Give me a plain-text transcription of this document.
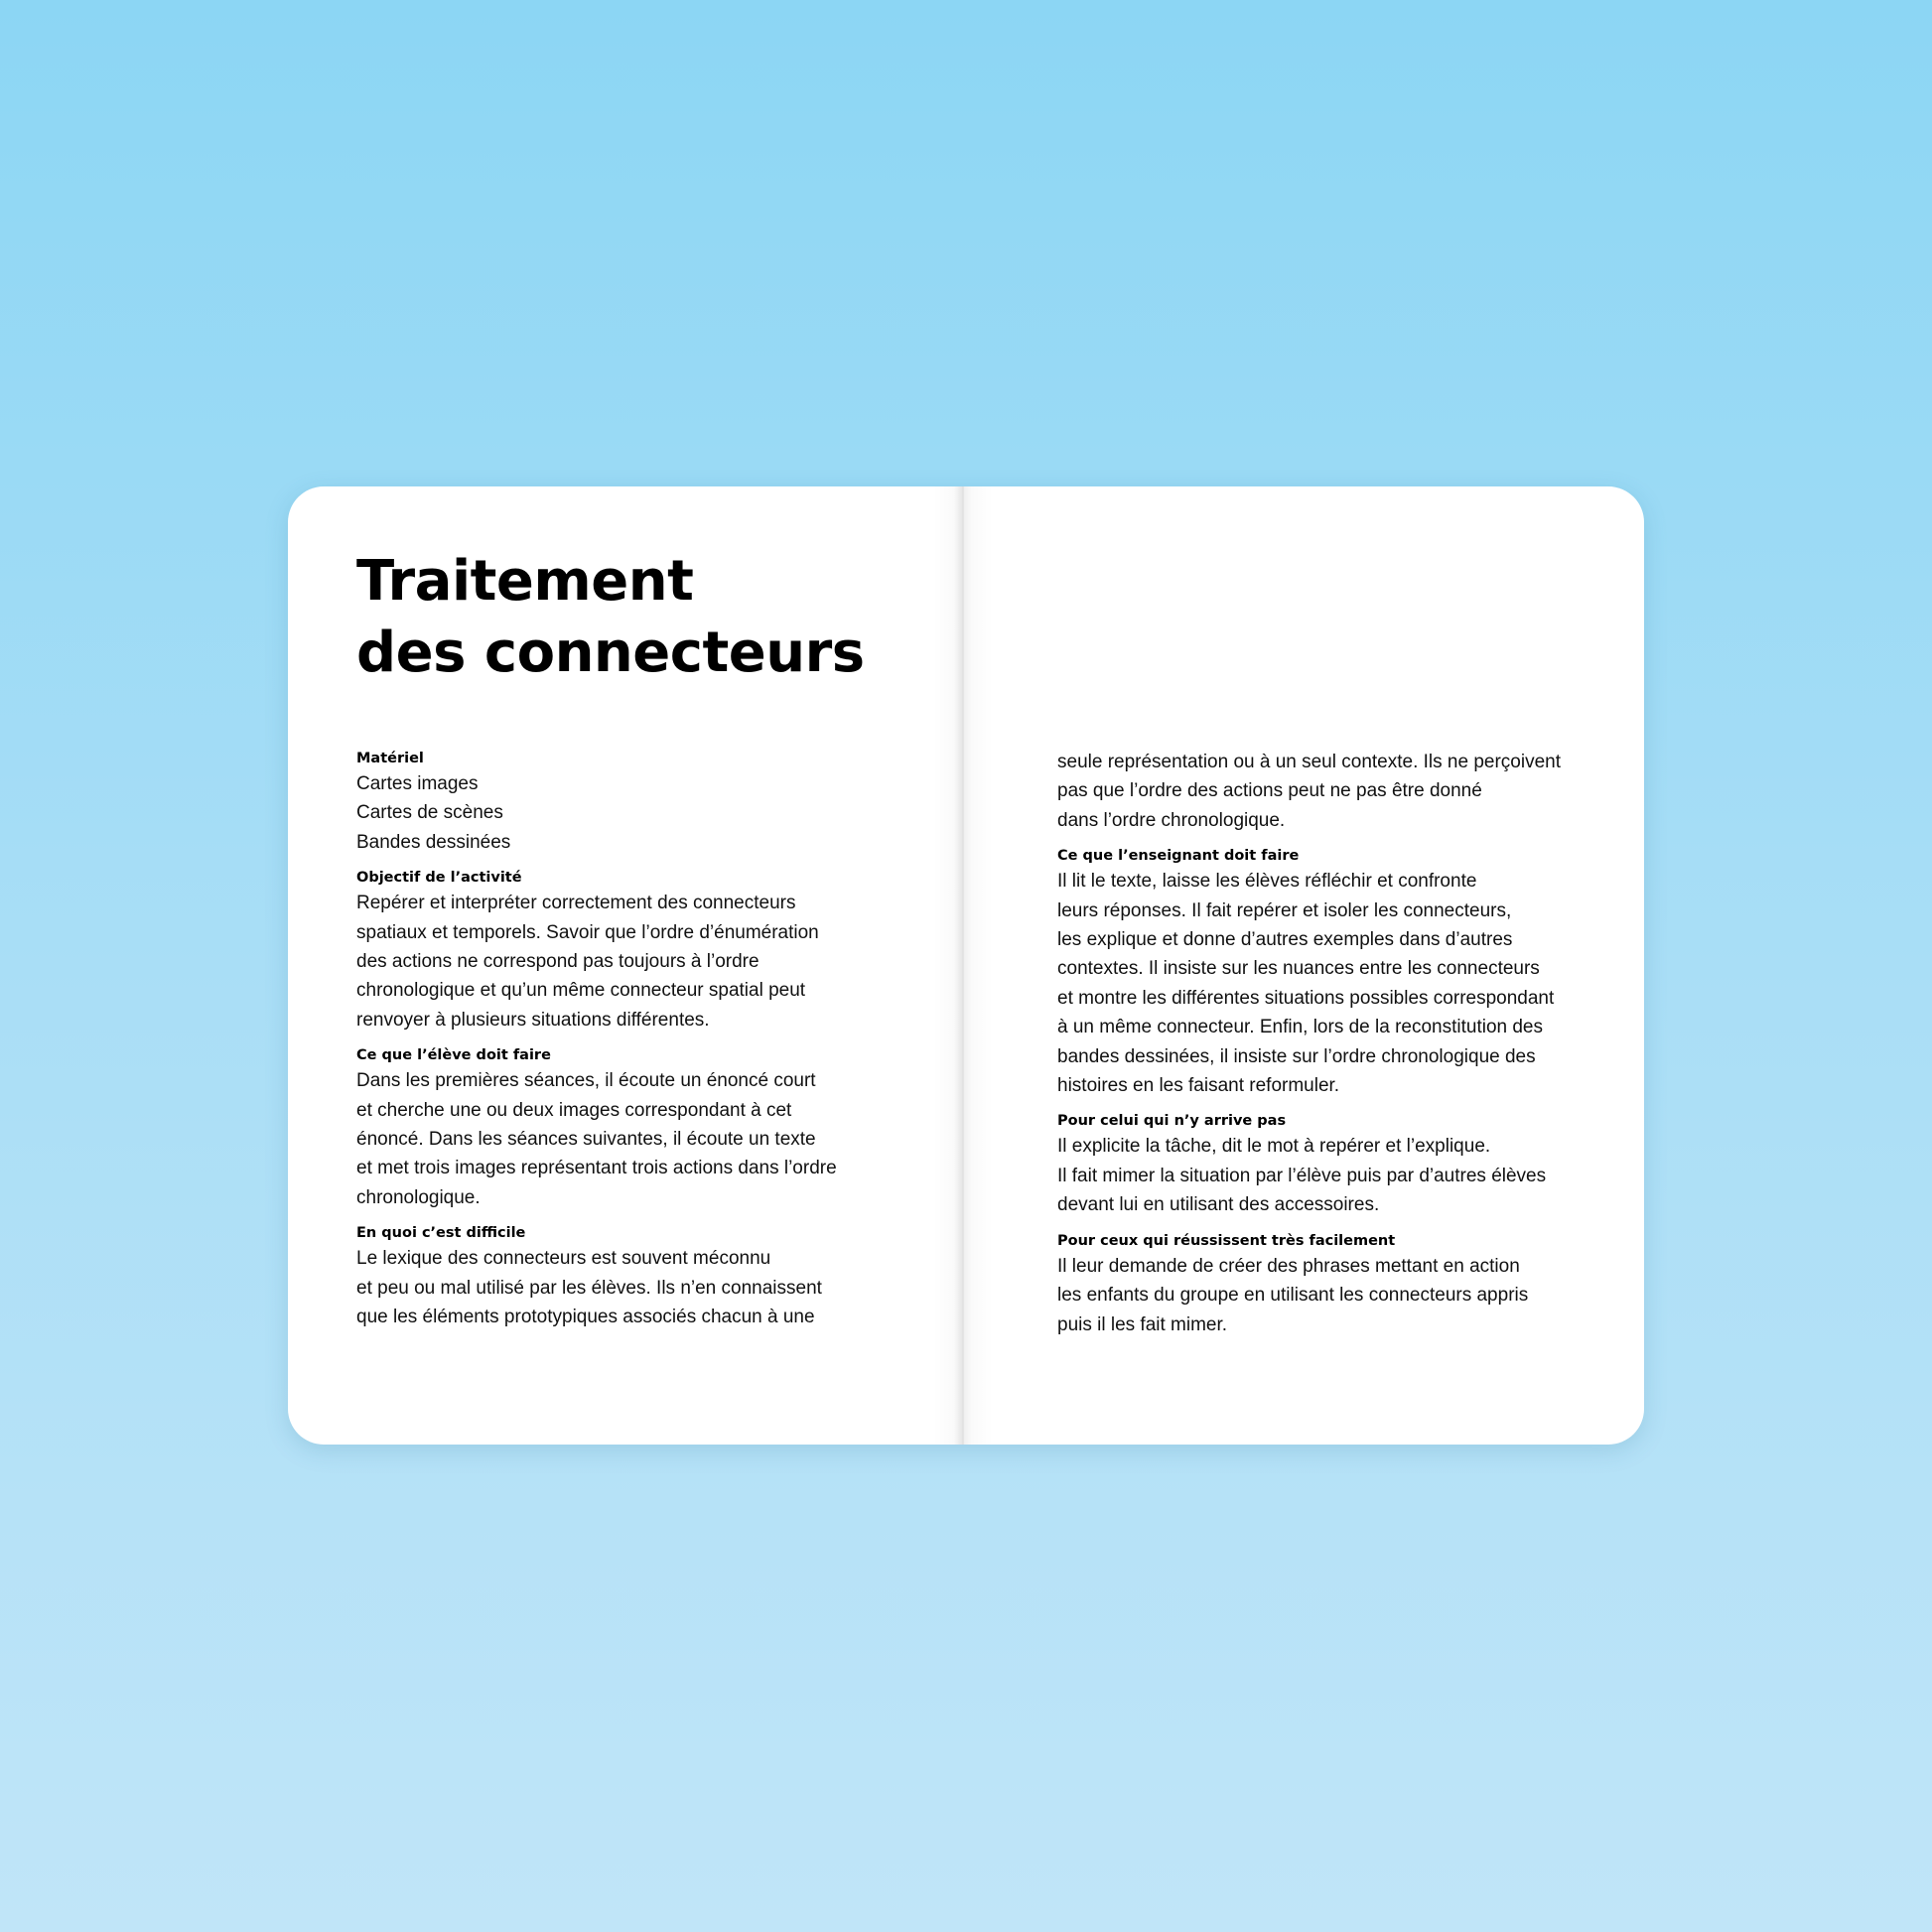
Traitement
des connecteurs

Matériel

Cartes images
Cartes de scènes
Bandes dessinées

Objectif de l’activité

Repérer et interpréter correctement des connecteurs
spatiaux et temporels. Savoir que l’ordre d’énumération
des actions ne correspond pas toujours à l’ordre
chronologique et qu’un même connecteur spatial peut
renvoyer à plusieurs situations différentes.

Ce que l’élève doit faire

Dans les premières séances, il écoute un énoncé court
et cherche une ou deux images correspondant à cet
énoncé. Dans les séances suivantes, il écoute un texte
et met trois images représentant trois actions dans l’ordre
chronologique.

En quoi c’est difficile

Le lexique des connecteurs est souvent méconnu
et peu ou mal utilisé par les élèves. Ils n’en connaissent
que les éléments prototypiques associés chacun à une

seule représentation ou à un seul contexte. Ils ne perçoivent
pas que l’ordre des actions peut ne pas être donné
dans l’ordre chronologique.

Ce que l’enseignant doit faire

Il lit le texte, laisse les élèves réfléchir et confronte
leurs réponses. Il fait repérer et isoler les connecteurs,
les explique et donne d’autres exemples dans d’autres
contextes. Il insiste sur les nuances entre les connecteurs
et montre les différentes situations possibles correspondant
à un même connecteur. Enfin, lors de la reconstitution des
bandes dessinées, il insiste sur l’ordre chronologique des
histoires en les faisant reformuler.

Pour celui qui n’y arrive pas

Il explicite la tâche, dit le mot à repérer et l’explique.
Il fait mimer la situation par l’élève puis par d’autres élèves
devant lui en utilisant des accessoires.

Pour ceux qui réussissent très facilement

Il leur demande de créer des phrases mettant en action
les enfants du groupe en utilisant les connecteurs appris
puis il les fait mimer.
